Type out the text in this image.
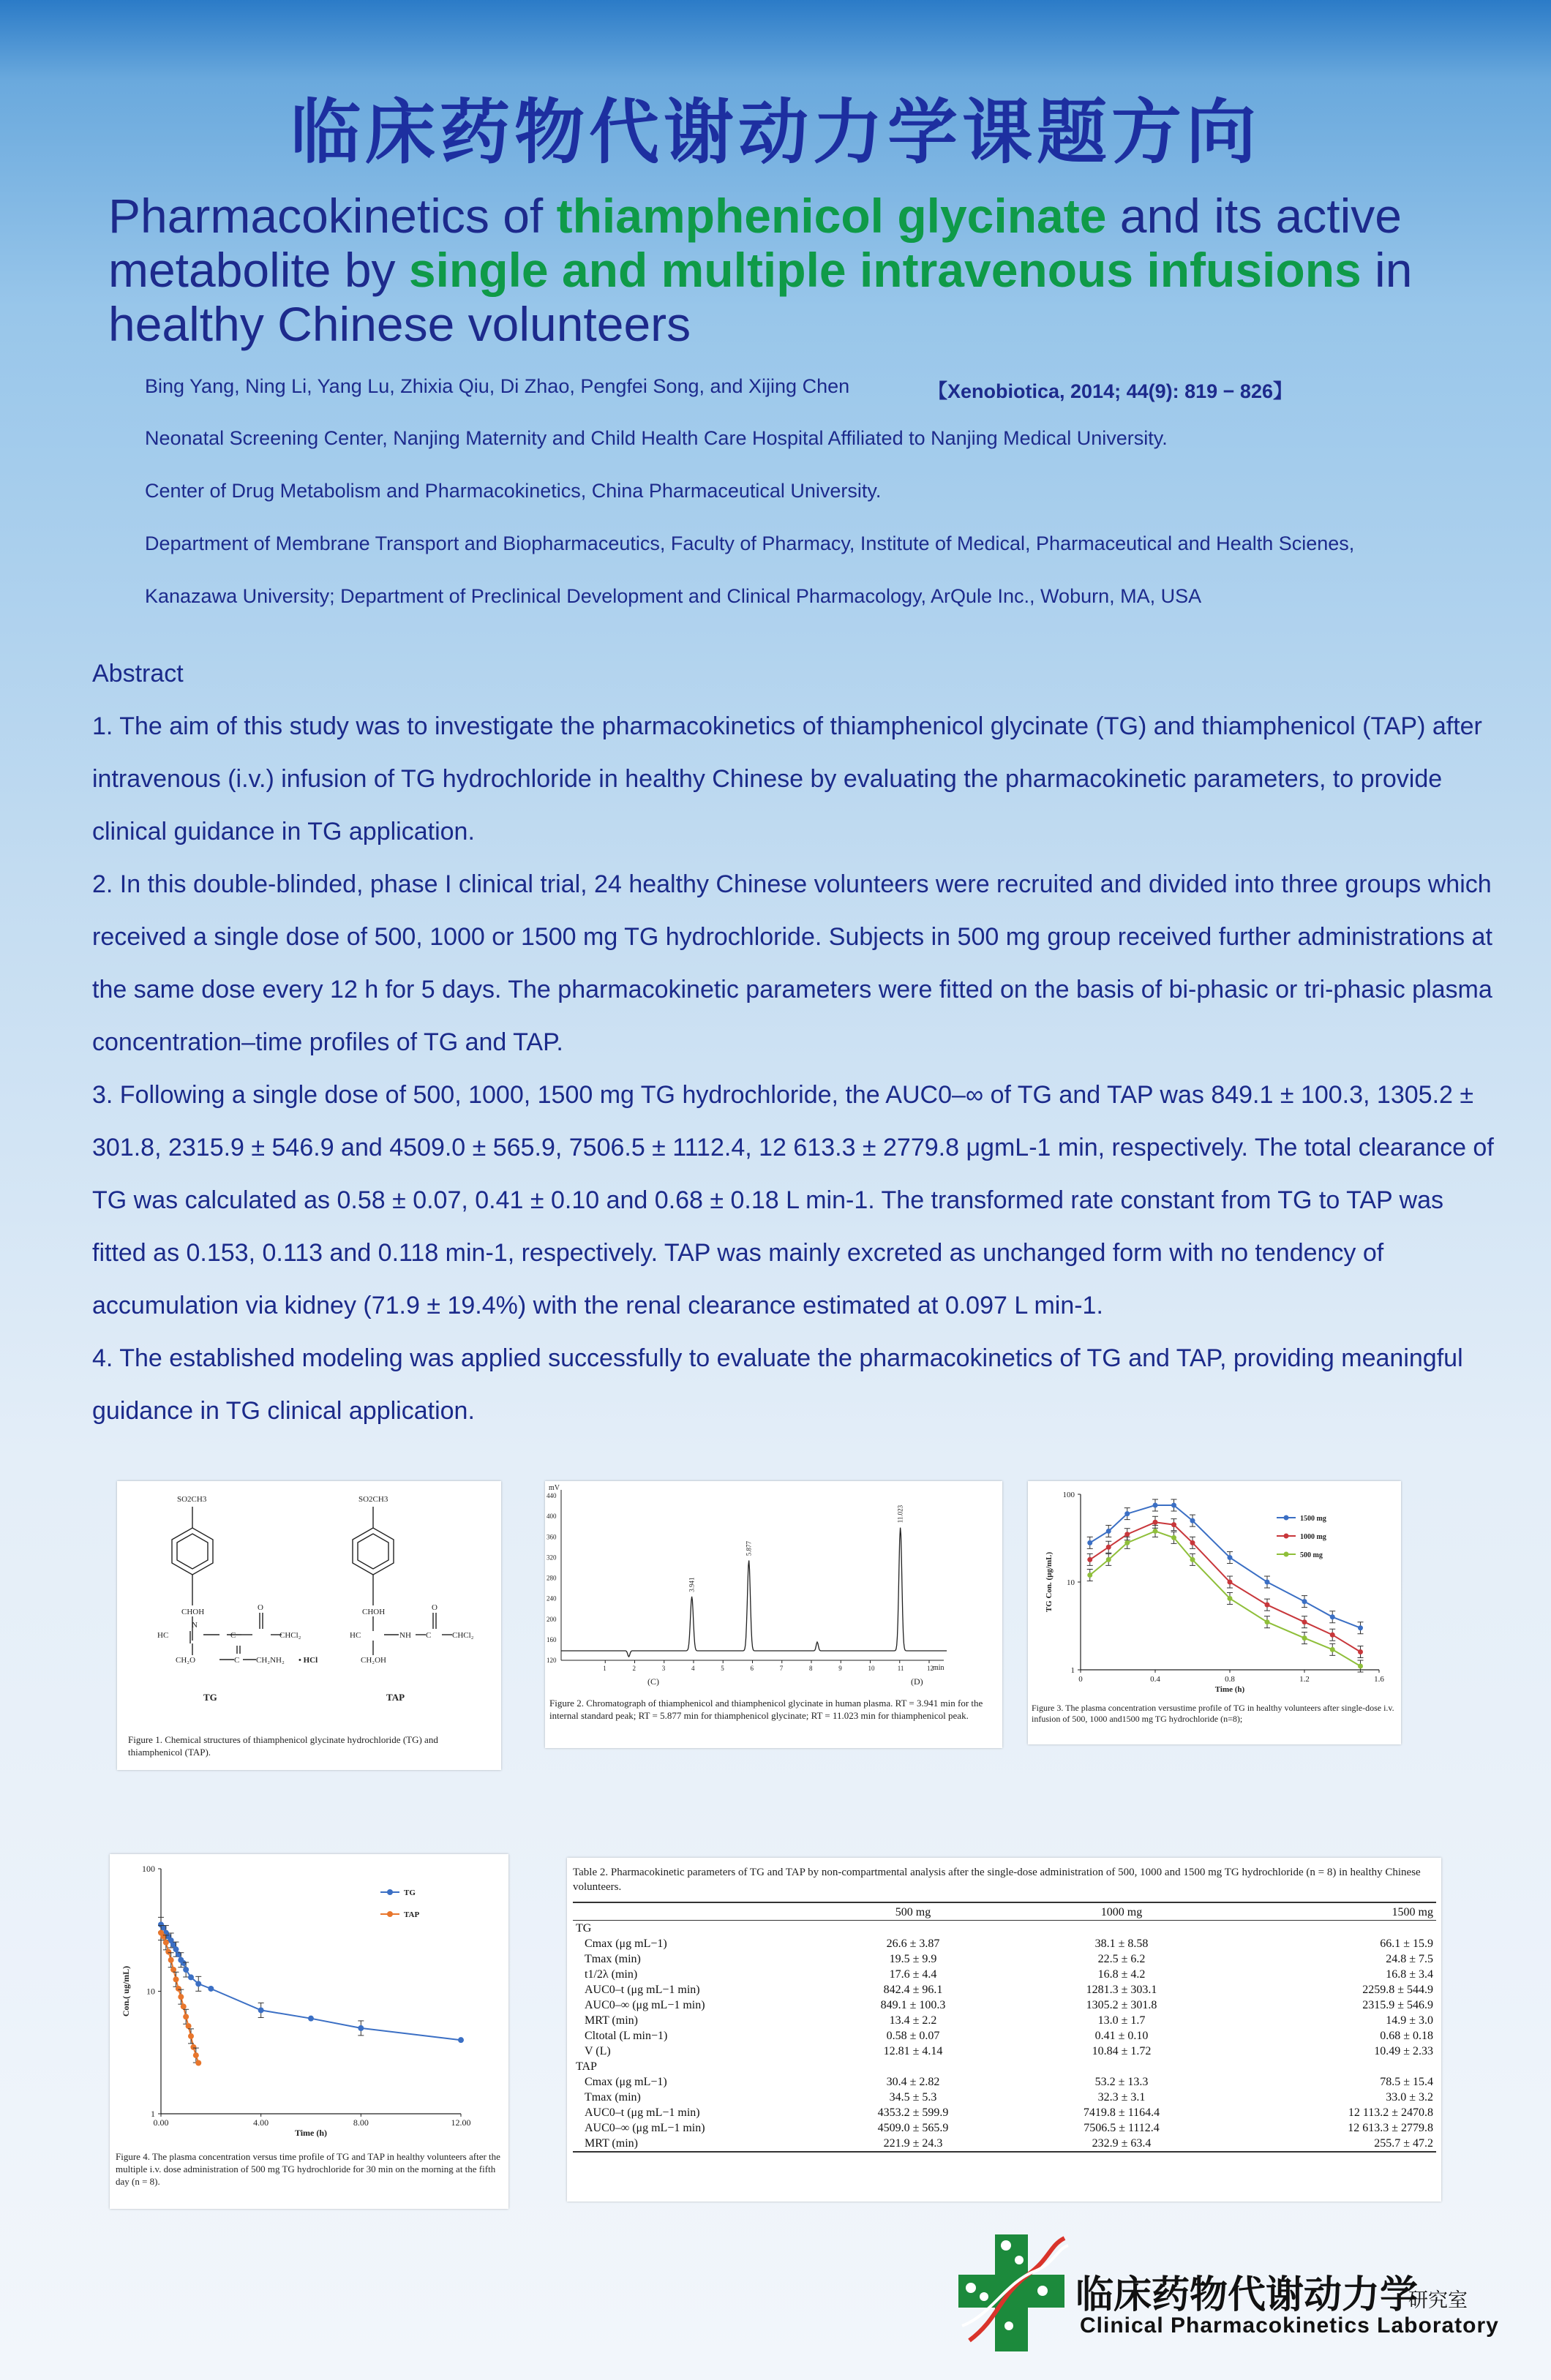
临床药物代谢动力学课题方向
Pharmacokinetics of thiamphenicol glycinate and its active metabolite by single and multiple intravenous infusions in healthy Chinese volunteers
Bing Yang, Ning Li, Yang Lu, Zhixia Qiu, Di Zhao, Pengfei Song, and Xijing Chen	【Xenobiotica, 2014; 44(9): 819 − 826】
Neonatal Screening Center, Nanjing Maternity and Child Health Care Hospital Affiliated to Nanjing Medical University.
Center of Drug Metabolism and Pharmacokinetics, China Pharmaceutical University.
Department of Membrane Transport and Biopharmaceutics, Faculty of Pharmacy, Institute of Medical, Pharmaceutical and Health Scienes,
Kanazawa University; Department of Preclinical Development and Clinical Pharmacology, ArQule Inc., Woburn, MA, USA

Abstract

1. The aim of this study was to investigate the pharmacokinetics of thiamphenicol glycinate (TG) and thiamphenicol (TAP) after intravenous (i.v.) infusion of TG hydrochloride in healthy Chinese by evaluating the pharmacokinetic parameters, to provide clinical guidance in TG application.

2. In this double-blinded, phase I clinical trial, 24 healthy Chinese volunteers were recruited and divided into three groups which received a single dose of 500, 1000 or 1500 mg TG hydrochloride. Subjects in 500 mg group received further administrations at the same dose every 12 h for 5 days. The pharmacokinetic parameters were fitted on the basis of bi-phasic or tri-phasic plasma concentration–time profiles of TG and TAP.

3. Following a single dose of 500, 1000, 1500 mg TG hydrochloride, the AUC0–∞ of TG and TAP was 849.1 ± 100.3, 1305.2 ± 301.8, 2315.9 ± 546.9 and 4509.0 ± 565.9, 7506.5 ± 1112.4, 12 613.3 ± 2779.8 μgmL-1 min, respectively. The total clearance of TG was calculated as 0.58 ± 0.07, 0.41 ± 0.10 and 0.68 ± 0.18 L min-1. The transformed rate constant from TG to TAP was fitted as 0.153, 0.113 and 0.118 min-1, respectively. TAP was mainly excreted as unchanged form with no tendency of accumulation via kidney (71.9 ± 19.4%) with the renal clearance estimated at 0.097 L min-1.

4. The established modeling was applied successfully to evaluate the pharmacokinetics of TG and TAP, providing meaningful guidance in TG clinical application.

SO2CH3
CHOH
HC
N
C
O
CHCl₂
CH₂O	C CH₂NH₂ • HCl
SO2CH3
CHOH
HC	NH C
O
CHCl₂
CH₂OH
TG	TAP
Figure 1. Chemical structures of thiamphenicol glycinate hydrochloride (TG) and thiamphenicol (TAP).
mV
min
440
400
360
320
280
240
200
160
120
1	2	3	4	5	6	7	8	9	10	11	12
3.941
5.877
11.023
(C)	(D)
Figure 2. Chromatograph of thiamphenicol and thiamphenicol glycinate in human plasma. RT = 3.941 min for the internal standard peak; RT = 5.877 min for thiamphenicol glycinate; RT = 11.023 min for thiamphenicol peak.
1
10
100
0	0.4	0.8	1.2	1.6
Time (h)
TG Con. (μg/mL)
1500 mg
1000 mg
500 mg
Figure 3. The plasma concentration versustime profile of TG in healthy volunteers after single-dose i.v. infusion of 500, 1000 and1500 mg TG hydrochloride (n=8);
1
10
100
0.00	4.00	8.00	12.00
Time (h)
Con.( ug/mL)
TG
TAP
Figure 4. The plasma concentration versus time profile of TG and TAP in healthy volunteers after the multiple i.v. dose administration of 500 mg TG hydrochloride for 30 min on the morning at the fifth day (n = 8).
Table 2. Pharmacokinetic parameters of TG and TAP by non-compartmental analysis after the single-dose administration of 500, 1000 and 1500 mg TG hydrochloride (n = 8) in healthy Chinese volunteers.
	500 mg	1000 mg	1500 mg
TG			
Cmax (μg mL−1)	26.6 ± 3.87	38.1 ± 8.58	66.1 ± 15.9
Tmax (min)	19.5 ± 9.9	22.5 ± 6.2	24.8 ± 7.5
t1/2λ (min)	17.6 ± 4.4	16.8 ± 4.2	16.8 ± 3.4
AUC0–t (μg mL−1 min)	842.4 ± 96.1	1281.3 ± 303.1	2259.8 ± 544.9
AUC0–∞ (μg mL−1 min)	849.1 ± 100.3	1305.2 ± 301.8	2315.9 ± 546.9
MRT (min)	13.4 ± 2.2	13.0 ± 1.7	14.9 ± 3.0
Cltotal (L min−1)	0.58 ± 0.07	0.41 ± 0.10	0.68 ± 0.18
V (L)	12.81 ± 4.14	10.84 ± 1.72	10.49 ± 2.33
TAP			
Cmax (μg mL−1)	30.4 ± 2.82	53.2 ± 13.3	78.5 ± 15.4
Tmax (min)	34.5 ± 5.3	32.3 ± 3.1	33.0 ± 3.2
AUC0–t (μg mL−1 min)	4353.2 ± 599.9	7419.8 ± 1164.4	12 113.2 ± 2470.8
AUC0–∞ (μg mL−1 min)	4509.0 ± 565.9	7506.5 ± 1112.4	12 613.3 ± 2779.8
MRT (min)	221.9 ± 24.3	232.9 ± 63.4	255.7 ± 47.2

临床药物代谢动力学
研究室
Clinical Pharmacokinetics Laboratory
